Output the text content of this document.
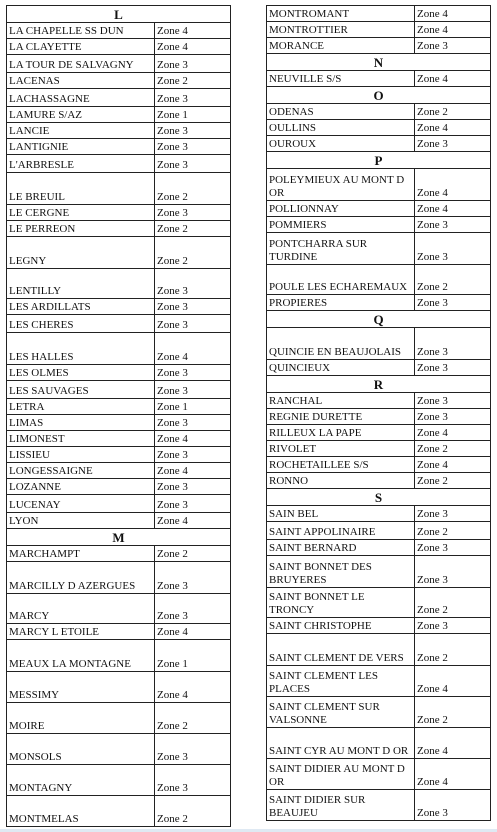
L	
LA CHAPELLE SS DUN	Zone 4
LA CLAYETTE	Zone 4
LA TOUR DE SALVAGNY	Zone 3
LACENAS	Zone 2
LACHASSAGNE	Zone 3
LAMURE S/AZ	Zone 1
LANCIE	Zone 3
LANTIGNIE	Zone 3
L'ARBRESLE	Zone 3
LE BREUIL	Zone 2
LE CERGNE	Zone 3
LE PERREON	Zone 2
LEGNY	Zone 2
LENTILLY	Zone 3
LES ARDILLATS	Zone 3
LES CHERES	Zone 3
LES HALLES	Zone 4
LES OLMES	Zone 3
LES SAUVAGES	Zone 3
LETRA	Zone 1
LIMAS	Zone 3
LIMONEST	Zone 4
LISSIEU	Zone 3
LONGESSAIGNE	Zone 4
LOZANNE	Zone 3
LUCENAY	Zone 3
LYON	Zone 4
M	
MARCHAMPT	Zone 2
MARCILLY D AZERGUES	Zone 3
MARCY	Zone 3
MARCY L ETOILE	Zone 4
MEAUX LA MONTAGNE	Zone 1
MESSIMY	Zone 4
MOIRE	Zone 2
MONSOLS	Zone 3
MONTAGNY	Zone 3
MONTMELAS	Zone 2
MONTROMANT	Zone 4
MONTROTTIER	Zone 4
MORANCE	Zone 3
N	
NEUVILLE S/S	Zone 4
O	
ODENAS	Zone 2
OULLINS	Zone 4
OUROUX	Zone 3
P	
POLEYMIEUX AU MONT D OR	Zone 4
POLLIONNAY	Zone 4
POMMIERS	Zone 3
PONTCHARRA SUR TURDINE	Zone 3
POULE LES ECHAREMAUX	Zone 2
PROPIERES	Zone 3
Q	
QUINCIE EN BEAUJOLAIS	Zone 3
QUINCIEUX	Zone 3
R	
RANCHAL	Zone 3
REGNIE DURETTE	Zone 3
RILLEUX LA PAPE	Zone 4
RIVOLET	Zone 2
ROCHETAILLEE S/S	Zone 4
RONNO	Zone 2
S	
SAIN BEL	Zone 3
SAINT APPOLINAIRE	Zone 2
SAINT BERNARD	Zone 3
SAINT BONNET DES BRUYERES	Zone 3
SAINT BONNET LE TRONCY	Zone 2
SAINT CHRISTOPHE	Zone 3
SAINT CLEMENT DE VERS	Zone 2
SAINT CLEMENT LES PLACES	Zone 4
SAINT CLEMENT SUR VALSONNE	Zone 2
SAINT CYR AU MONT D OR	Zone 4
SAINT DIDIER AU MONT D OR	Zone 4
SAINT DIDIER SUR BEAUJEU	Zone 3
